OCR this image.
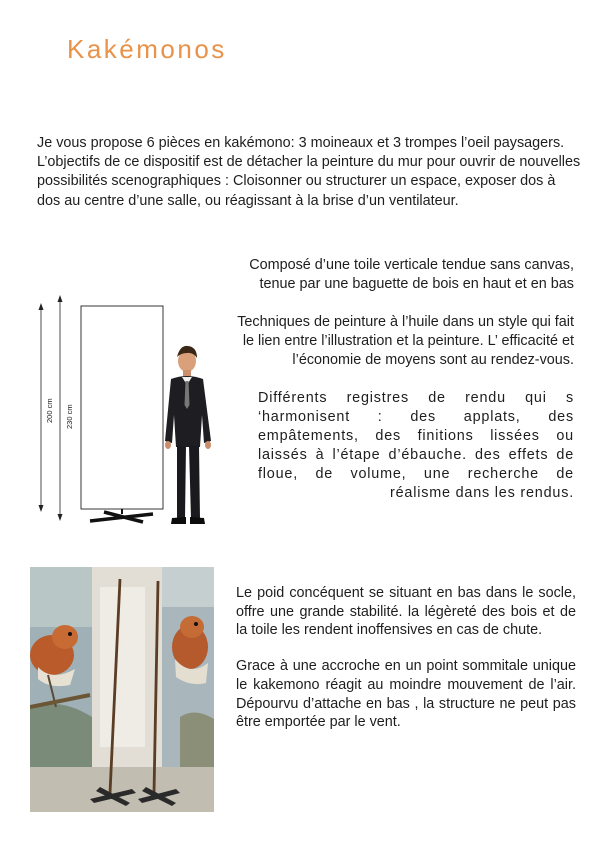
Kakémonos

Je vous propose 6 pièces en kakémono: 3 moineaux et 3 trompes l’oeil paysagers.

L’objectifs de ce dispositif est de détacher la peinture du mur pour ouvrir de nouvelles possibilités scenographiques : Cloisonner ou structurer un espace, exposer dos à dos au centre d’une salle, ou réagissant à la brise d’un ventilateur.

Composé d’une toile verticale tendue sans canvas, tenue par une baguette de bois en haut et en bas

Techniques de peinture à l’huile dans un style qui fait le lien entre l’illustration et la peinture. L’ efficacité et l’économie de moyens sont au rendez-vous.

Différents registres de rendu qui s ‘harmonisent : des applats, des empâtements, des finitions lissées ou laissés à l’étape d’ébauche. des effets de floue, de volume, une recherche de réalisme dans les rendus.

200 cm 230 cm

Le poid concéquent se situant en bas dans le socle, offre une grande stabilité. la légèreté des bois et de la toile les rendent inoffensives en cas de chute.

Grace à une accroche en un point sommitale unique le kakemono réagit au moindre mouvement de l’air. Dépourvu d’attache en bas , la structure ne peut pas être emportée par le vent.
